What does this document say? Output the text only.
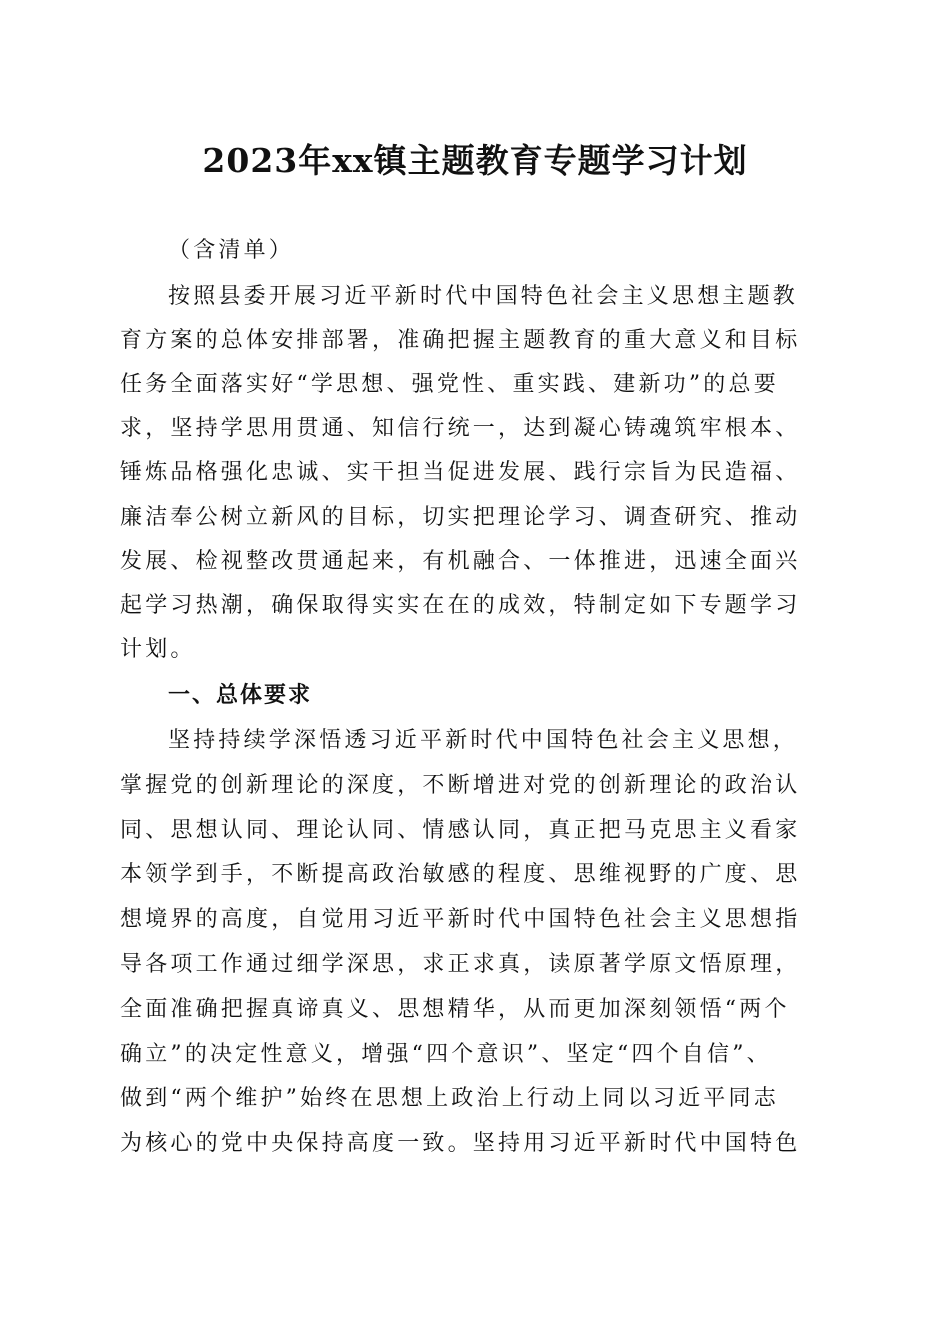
2023年xx镇主题教育专题学习计划
（含清单）
按照县委开展习近平新时代中国特色社会主义思想主题教
育方案的总体安排部署，准确把握主题教育的重大意义和目标
任务全面落实好“学思想、强党性、重实践、建新功”的总要
求，坚持学思用贯通、知信行统一，达到凝心铸魂筑牢根本、
锤炼品格强化忠诚、实干担当促进发展、践行宗旨为民造福、
廉洁奉公树立新风的目标，切实把理论学习、调查研究、推动
发展、检视整改贯通起来，有机融合、一体推进，迅速全面兴
起学习热潮，确保取得实实在在的成效，特制定如下专题学习
计划。
一、总体要求
坚持持续学深悟透习近平新时代中国特色社会主义思想，
掌握党的创新理论的深度，不断增进对党的创新理论的政治认
同、思想认同、理论认同、情感认同，真正把马克思主义看家
本领学到手，不断提高政治敏感的程度、思维视野的广度、思
想境界的高度，自觉用习近平新时代中国特色社会主义思想指
导各项工作通过细学深思，求正求真，读原著学原文悟原理，
全面准确把握真谛真义、思想精华，从而更加深刻领悟“两个
确立”的决定性意义，增强“四个意识”、坚定“四个自信”、
做到“两个维护”始终在思想上政治上行动上同以习近平同志
为核心的党中央保持高度一致。坚持用习近平新时代中国特色
